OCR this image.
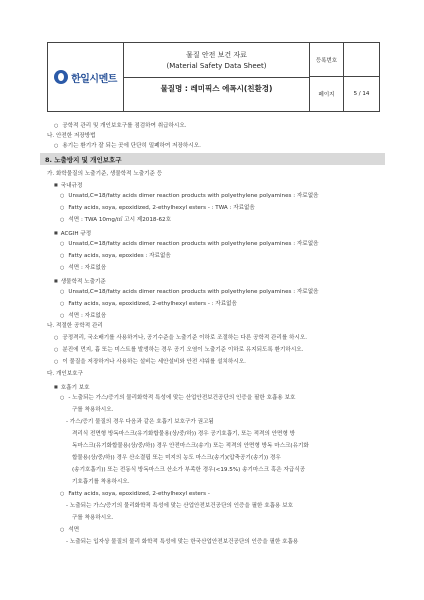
한일시멘트
물질 안전 보건 자료
(Material Safety Data Sheet)
물질명 : 레미픽스 에폭시(친환경)
등록번호
페이지	5 / 14
○ 공학적 관리 및 개인보호구를 점검하여 취급하시오.
나. 안전한 저장방법
○ 용기는 환기가 잘 되는 곳에 단단히 밀폐하여 저장하시오.
8. 노출방지 및 개인보호구
가. 화학물질의 노출기준, 생물학적 노출기준 등
■ 국내규정
○ Unsatd,C=18/fatty acids dimer reaction products with polyethylene polyamines : 자료없음
○ Fatty acids, soya, epoxidized, 2-ethylhexyl esters - : TWA : 자료없음
○ 석면 : TWA 10mg/㎥ 고시 제2018-62호
■ ACGIH 규정
○ Unsatd,C=18/fatty acids dimer reaction products with polyethylene polyamines : 자료없음
○ Fatty acids, soya, epoxides : 자료없음
○ 석면 : 자료없음
■ 생물학적 노출기준
○ Unsatd,C=18/fatty acids dimer reaction products with polyethylene polyamines : 자료없음
○ Fatty acids, soya, epoxidized, 2-ethylhexyl esters - : 자료없음
○ 석면 : 자료없음
나. 적절한 공학적 관리
○ 공정격리, 국소배기를 사용하거나, 공기수준을 노출기준 이하로 조절하는 다른 공학적 관리를 하시오.
○ 분진에 먼지, 흄 또는 미스트를 발생하는 경우 공기 오염이 노출기준 이하로 유지되도록 환기하시오.
○ 이 물질을 저장하거나 사용하는 설비는 세안설비와 안전 샤워를 설치하시오.
다. 개인보호구
■ 호흡기 보호
○ - 노출되는 가스/증기의 물리화학적 특성에 맞는 산업안전보건공단의 인증을 필한 호흡용 보호
구를 착용하시오.
- 가스/증기 물질의 경우 다음과 같은 호흡기 보호구가 권고됨
격리식 전면형 방독마스크(유기화합물용(상/중/하)) 경우 공기호흡기, 또는 적격의 안면형 방
독마스크(유기화합물용(상/중/하)) 경우 안전마스크(송기) 또는 적격의 안면형 방독 마스크(유기화
합물용(상/중/하)) 경우 산소결핍 또는 미지의 농도 마스크(송기)(압축공기(송기)) 경우
(송기호흡기)) 또는 전동식 방독마스크 산소가 부족한 경우(<19.5%) 송기마스크 혹은 자급식공
기호흡기를 착용하시오.
○ Fatty acids, soya, epoxidized, 2-ethylhexyl esters -
- 노출되는 가스/증기의 물리화학적 특성에 맞는 산업안전보건공단의 인증을 필한 호흡용 보호
구를 착용하시오.
○ 석면
- 노출되는 입자상 물질의 물리 화학적 특성에 맞는 한국산업안전보건공단의 인증을 필한 호흡용
